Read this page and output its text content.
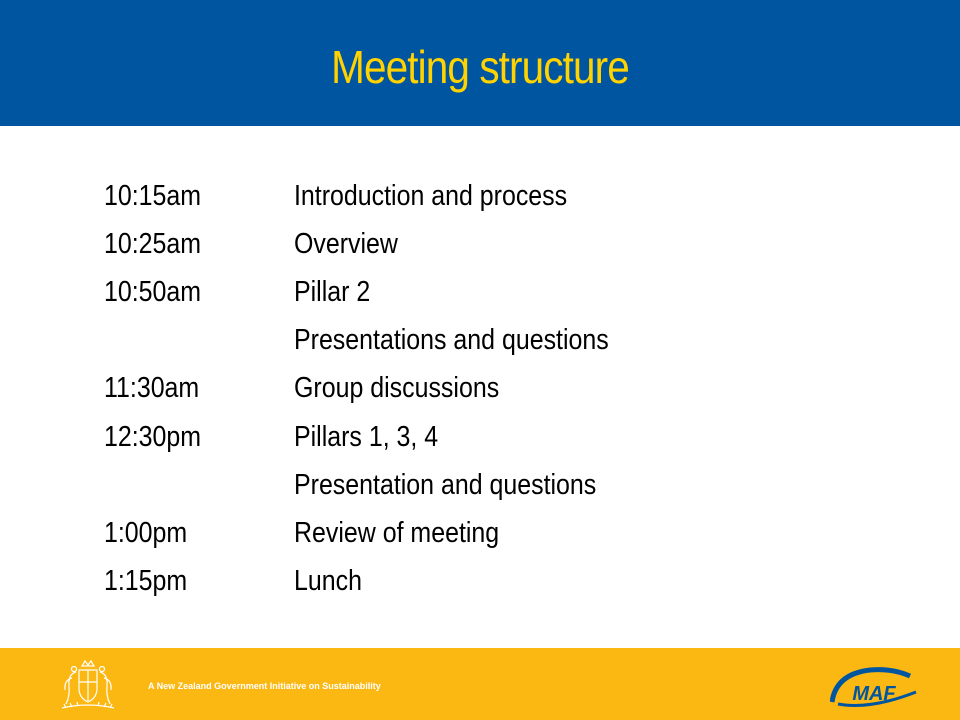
Meeting structure
10:15am	Introduction and process
10:25am	Overview
10:50am	Pillar 2
Presentations and questions
11:30am	Group discussions
12:30pm	Pillars 1, 3, 4
Presentation and questions
1:00pm	Review of meeting
1:15pm	Lunch
A New Zealand Government Initiative on Sustainability	MAF
